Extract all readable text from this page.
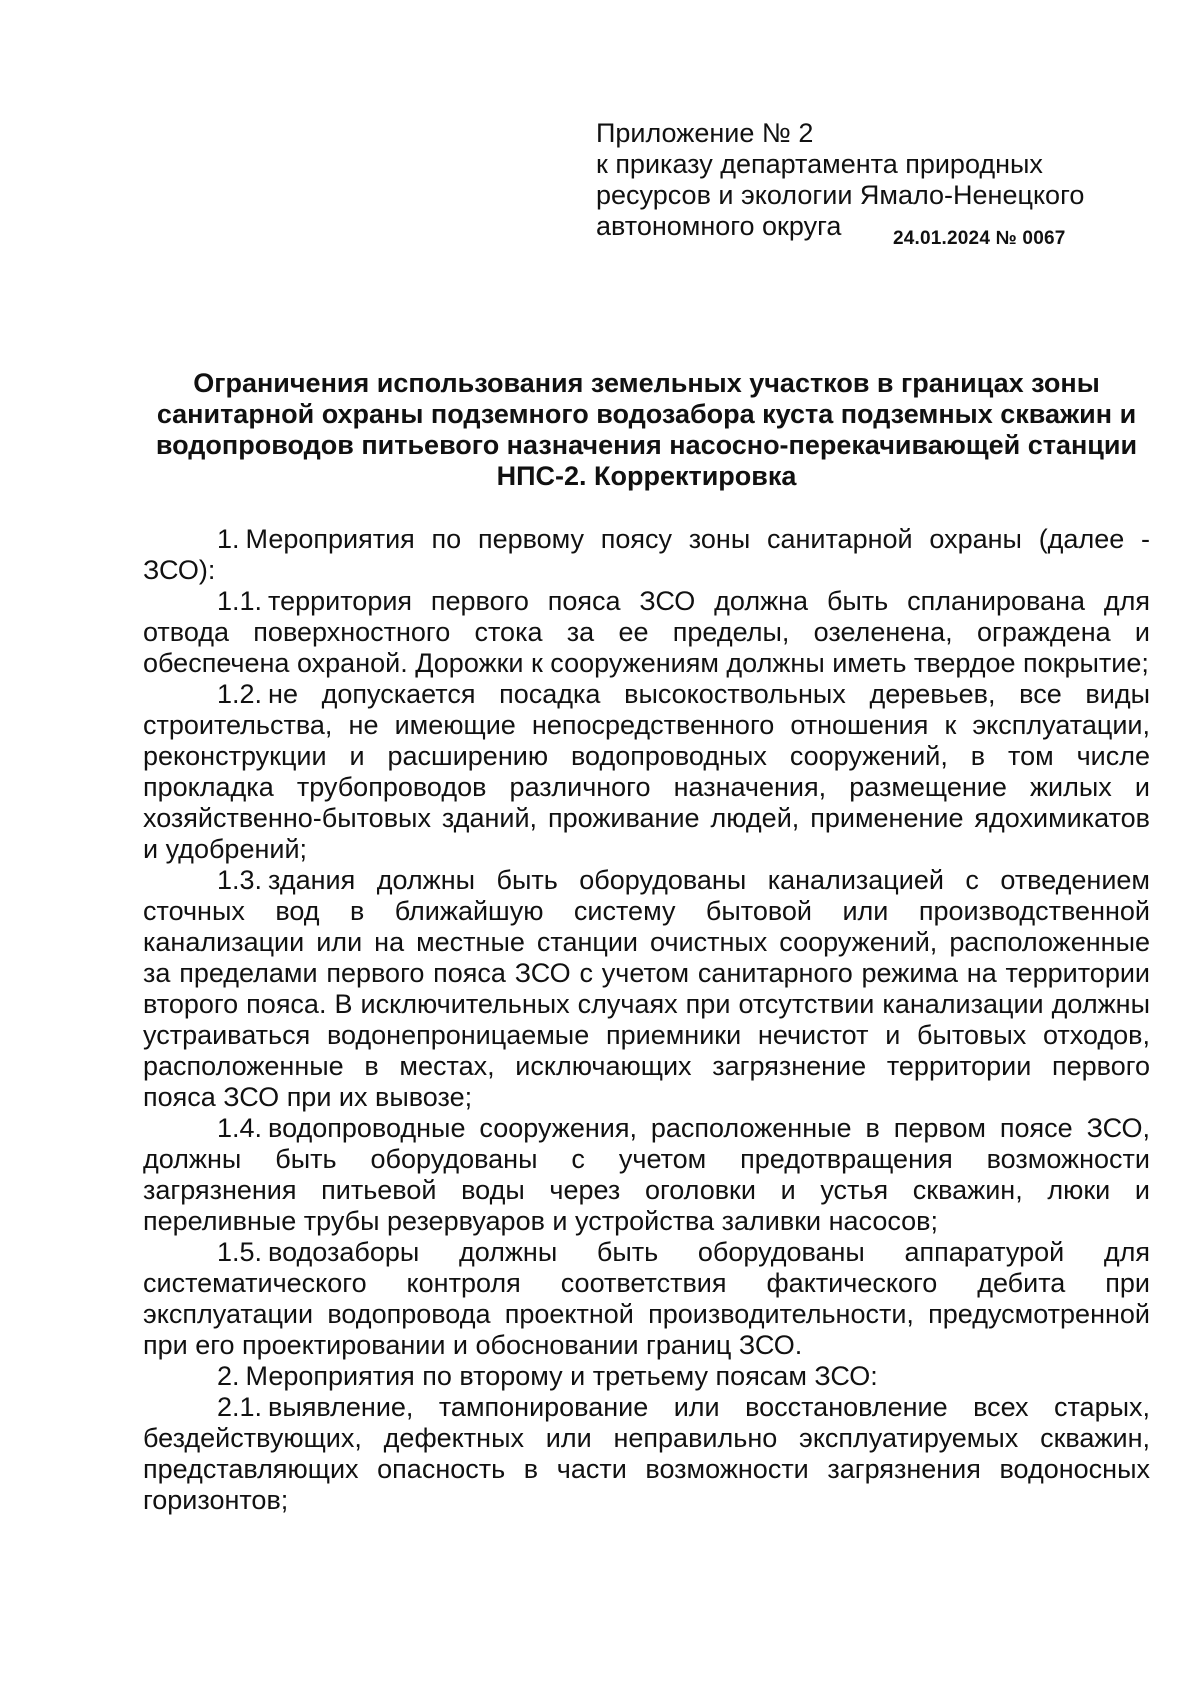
Приложение № 2
к приказу департамента природных
ресурсов и экологии Ямало-Ненецкого
автономного округа	24.01.2024 № 0067
Ограничения использования земельных участков в границах зоны санитарной охраны подземного водозабора куста подземных скважин и водопроводов питьевого назначения насосно-перекачивающей станции НПС-2. Корректировка

1. Мероприятия по первому поясу зоны санитарной охраны (далее - ЗСО):

1.1. территория первого пояса ЗСО должна быть спланирована для отвода поверхностного стока за ее пределы, озеленена, ограждена и обеспечена охраной. Дорожки к сооружениям должны иметь твердое покрытие;

1.2. не допускается посадка высокоствольных деревьев, все виды строительства, не имеющие непосредственного отношения к эксплуатации, реконструкции и расширению водопроводных сооружений, в том числе прокладка трубопроводов различного назначения, размещение жилых и хозяйственно-бытовых зданий, проживание людей, применение ядохимикатов и удобрений;

1.3. здания должны быть оборудованы канализацией с отведением сточных вод в ближайшую систему бытовой или производственной канализации или на местные станции очистных сооружений, расположенные за пределами первого пояса ЗСО с учетом санитарного режима на территории второго пояса. В исключительных случаях при отсутствии канализации должны устраиваться водонепроницаемые приемники нечистот и бытовых отходов, расположенные в местах, исключающих загрязнение территории первого пояса ЗСО при их вывозе;

1.4. водопроводные сооружения, расположенные в первом поясе ЗСО, должны быть оборудованы с учетом предотвращения возможности загрязнения питьевой воды через оголовки и устья скважин, люки и переливные трубы резервуаров и устройства заливки насосов;

1.5. водозаборы должны быть оборудованы аппаратурой для систематического контроля соответствия фактического дебита при эксплуатации водопровода проектной производительности, предусмотренной при его проектировании и обосновании границ ЗСО.

2. Мероприятия по второму и третьему поясам ЗСО:

2.1. выявление, тампонирование или восстановление всех старых, бездействующих, дефектных или неправильно эксплуатируемых скважин, представляющих опасность в части возможности загрязнения водоносных горизонтов;
